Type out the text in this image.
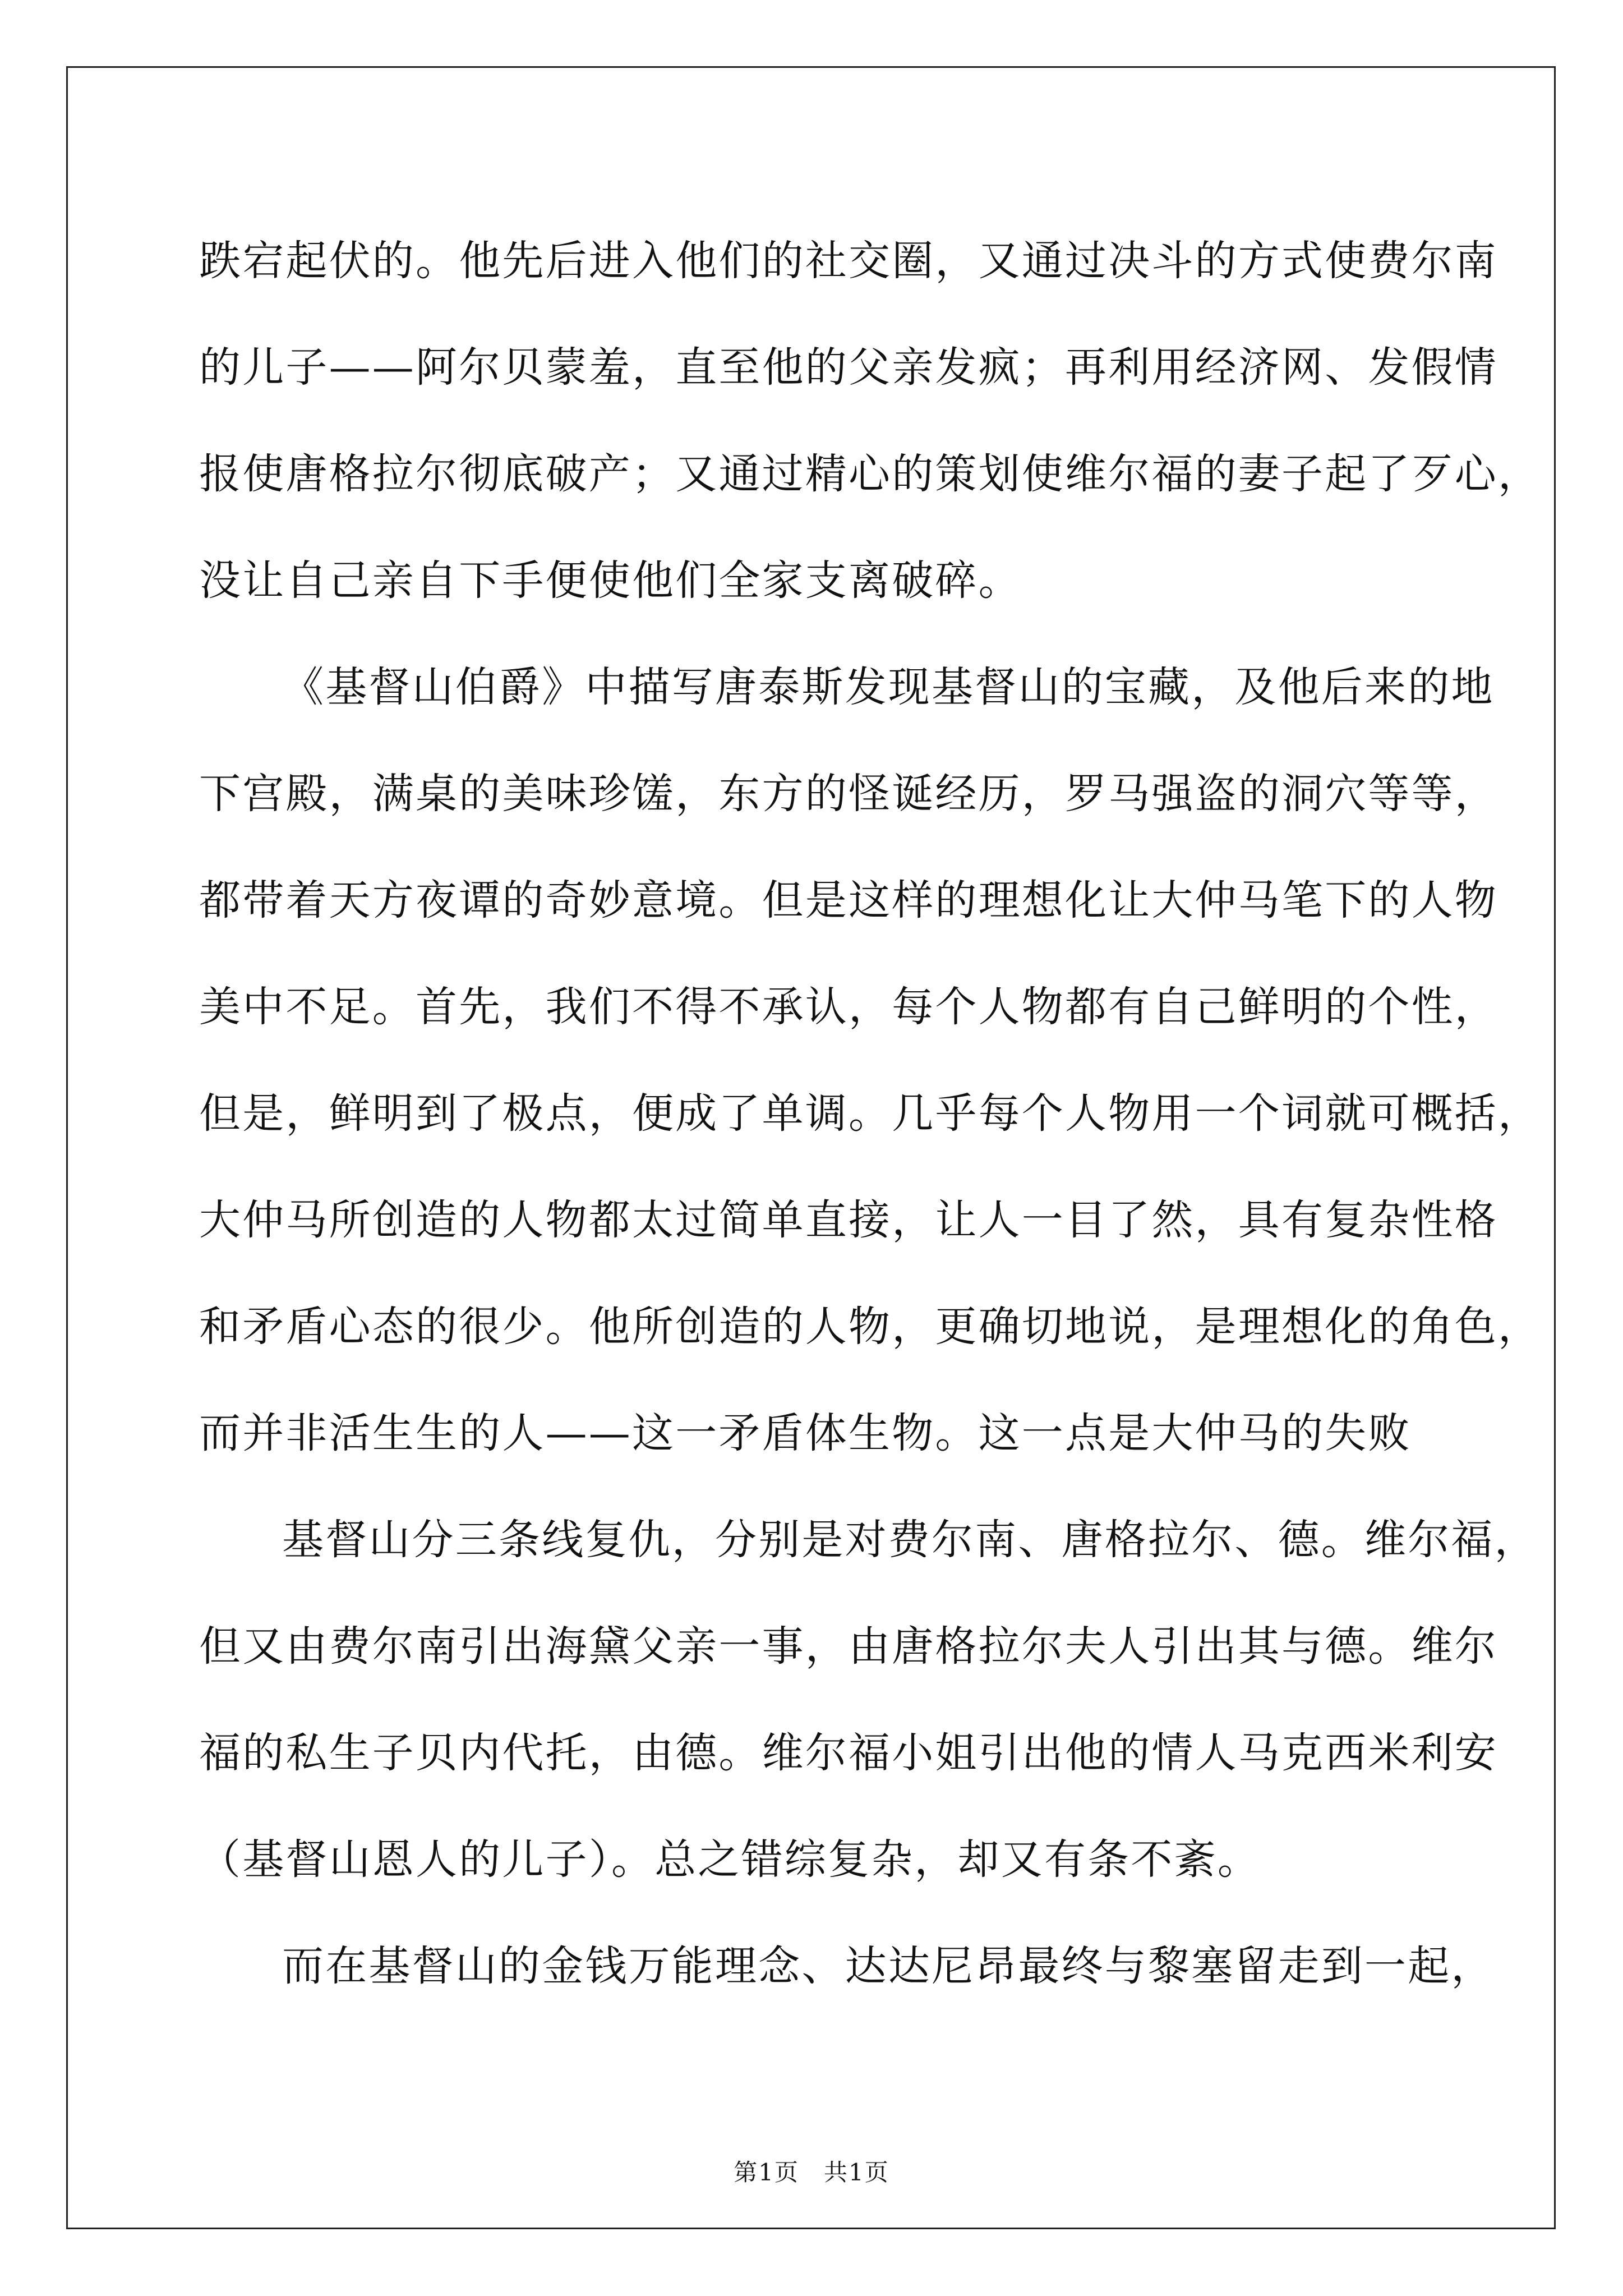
跌宕起伏的。他先后进入他们的社交圈，又通过决斗的方式使费尔南
的儿子——阿尔贝蒙羞，直至他的父亲发疯；再利用经济网、发假情
报使唐格拉尔彻底破产；又通过精心的策划使维尔福的妻子起了歹心，
没让自己亲自下手便使他们全家支离破碎。
《基督山伯爵》中描写唐泰斯发现基督山的宝藏，及他后来的地
下宫殿，满桌的美味珍馐，东方的怪诞经历，罗马强盗的洞穴等等，
都带着天方夜谭的奇妙意境。但是这样的理想化让大仲马笔下的人物
美中不足。首先，我们不得不承认，每个人物都有自己鲜明的个性，
但是，鲜明到了极点，便成了单调。几乎每个人物用一个词就可概括，
大仲马所创造的人物都太过简单直接，让人一目了然，具有复杂性格
和矛盾心态的很少。他所创造的人物，更确切地说，是理想化的角色，
而并非活生生的人——这一矛盾体生物。这一点是大仲马的失败
基督山分三条线复仇，分别是对费尔南、唐格拉尔、德。维尔福，
但又由费尔南引出海黛父亲一事，由唐格拉尔夫人引出其与德。维尔
福的私生子贝内代托，由德。维尔福小姐引出他的情人马克西米利安
（基督山恩人的儿子）。总之错综复杂，却又有条不紊。
而在基督山的金钱万能理念、达达尼昂最终与黎塞留走到一起，
第1页　共1页
